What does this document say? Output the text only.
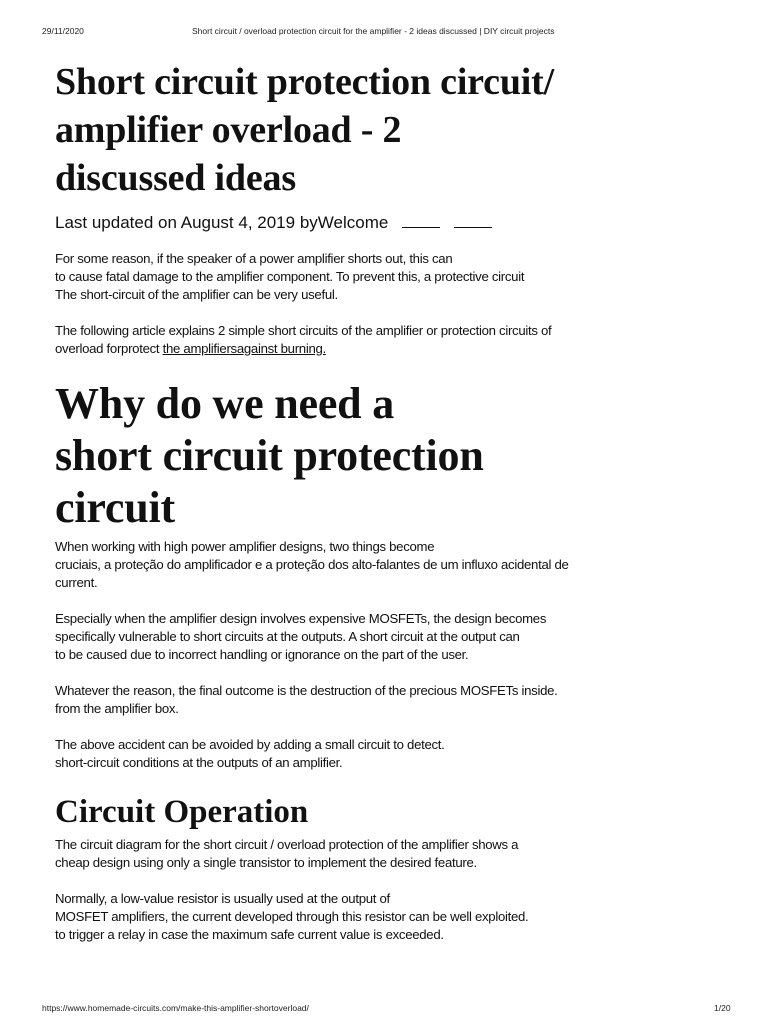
29/11/2020	Short circuit / overload protection circuit for the amplifier - 2 ideas discussed | DIY circuit projects
Short circuit protection circuit/
amplifier overload - 2
discussed ideas
Last updated on August 4, 2019 byWelcome

For some reason, if the speaker of a power amplifier shorts out, this can
to cause fatal damage to the amplifier component. To prevent this, a protective circuit
The short-circuit of the amplifier can be very useful.

The following article explains 2 simple short circuits of the amplifier or protection circuits of
overload forprotect the amplifiersagainst burning.

Why do we need a
short circuit protection
circuit

When working with high power amplifier designs, two things become
cruciais, a proteção do amplificador e a proteção dos alto-falantes de um influxo acidental de
current.

Especially when the amplifier design involves expensive MOSFETs, the design becomes
specifically vulnerable to short circuits at the outputs. A short circuit at the output can
to be caused due to incorrect handling or ignorance on the part of the user.

Whatever the reason, the final outcome is the destruction of the precious MOSFETs inside.
from the amplifier box.

The above accident can be avoided by adding a small circuit to detect.
short-circuit conditions at the outputs of an amplifier.

Circuit Operation

The circuit diagram for the short circuit / overload protection of the amplifier shows a
cheap design using only a single transistor to implement the desired feature.

Normally, a low-value resistor is usually used at the output of
MOSFET amplifiers, the current developed through this resistor can be well exploited.
to trigger a relay in case the maximum safe current value is exceeded.

https://www.homemade-circuits.com/make-this-amplifier-shortoverload/	1/20
